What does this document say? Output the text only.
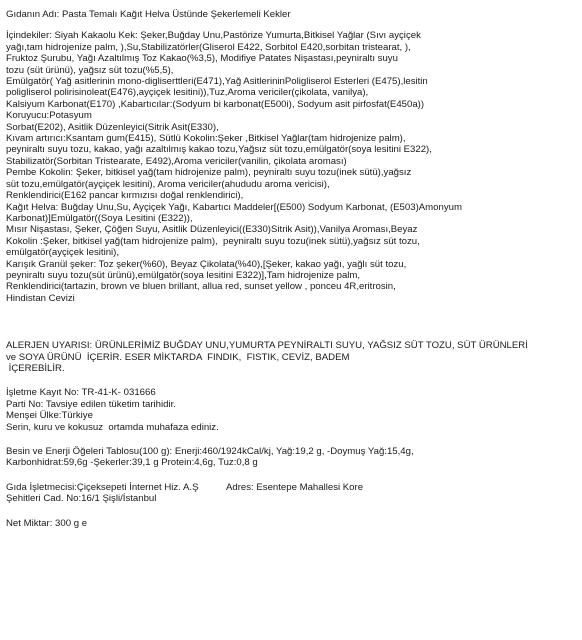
Gıdanın Adı: Pasta Temalı Kağıt Helva Üstünde Şekerlemeli Kekler
İçindekiler: Siyah Kakaolu Kek: Şeker,Buğday Unu,Pastörize Yumurta,Bitkisel Yağlar (Sıvı ayçiçek
yağı,tam hidrojenize palm, ),Su,Stabilizatörler(Gliserol E422, Sorbitol E420,sorbitan tristearat, ),
Fruktoz Şurubu, Yağı Azaltılmış Toz Kakao(%3,5), Modifiye Patates Nişastası,peyniraltı suyu
tozu (süt ürünü), yağsız süt tozu(%5,5),
Emülgatör( Yağ asitlerinin mono-digliserttleri(E471),Yağ AsitlerininPoligliserol Esterleri (E475),lesitin
poligliserol polirisinoleat(E476),ayçiçek lesitini)),Tuz,Aroma vericiler(çikolata, vanilya),
Kalsiyum Karbonat(E170) ,Kabartıcılar:(Sodyum bi karbonat(E500i), Sodyum asit pirfosfat(E450a))
Koruyucu:Potasyum
Sorbat(E202), Asitlik Düzenleyici(Sitrik Asit(E330),
Kıvam artırıcı:Ksantam gum(E415), Sütlü Kokolin:Şeker ,Bitkisel Yağlar(tam hidrojenize palm),
peyniraltı suyu tozu, kakao, yağı azaltılmış kakao tozu,Yağsız süt tozu,emülgatör(soya lesitini E322),
Stabilizatör(Sorbitan Tristearate, E492),Aroma vericiler(vanilin, çikolata aroması)
Pembe Kokolin: Şeker, bitkisel yağ(tam hidrojenize palm), peyniraltı suyu tozu(inek sütü),yağsız
süt tozu,emülgatör(ayçiçek lesitini), Aroma vericiler(ahududu aroma vericisi),
Renklendirici(E162 pancar kırmızısı doğal renklendirici),
Kağıt Helva: Buğday Unu,Su, Ayçiçek Yağı, Kabartıcı Maddeler[(E500) Sodyum Karbonat, (E503)Amonyum
Karbonat)]Emülgatör((Soya Lesitini (E322)),
Mısır Nişastası, Şeker, Çöğen Suyu, Asitlik Düzenleyici((E330)Sitrik Asit)),Vanilya Aroması,Beyaz
Kokolin :Şeker, bitkisel yağ(tam hidrojenize palm),  peyniraltı suyu tozu(inek sütü),yağsız süt tozu,
emülgatör(ayçiçek lesitini),
Karışık Granül şeker: Toz şeker(%60), Beyaz Çikolata(%40),[Şeker, kakao yağı, yağlı süt tozu,
peyniraltı suyu tozu(süt ürünü),emülgatör(soya lesitini E322)],Tam hidrojenize palm,
Renklendirici(tartazin, brown ve bluen brillant, allua red, sunset yellow , ponceu 4R,eritrosin,
Hindistan Cevizi
ALERJEN UYARISI: ÜRÜNLERİMİZ BUĞDAY UNU,YUMURTA PEYNİRALTI SUYU, YAĞSIZ SÜT TOZU, SÜT ÜRÜNLERİ
ve SOYA ÜRÜNÜ  İÇERİR. ESER MİKTARDA  FINDIK,  FISTIK, CEVİZ, BADEM
İÇEREBİLİR.
İşletme Kayıt No: TR-41-K- 031666
Parti No: Tavsiye edilen tüketim tarihidir.
Menşei Ülke:Türkiye
Serin, kuru ve kokusuz  ortamda muhafaza ediniz.
Besin ve Enerji Öğeleri Tablosu(100 g): Enerji:460/1924kCal/kj, Yağ:19,2 g, -Doymuş Yağ:15,4g,
Karbonhidrat:59,6g -Şekerler:39,1 g Protein:4,6g, Tuz:0,8 g
Gıda İşletmecisi:Çiçeksepeti İnternet Hiz. A.Ş	Adres: Esentepe Mahallesi Kore
Şehitleri Cad. No:16/1 Şişli/İstanbul
Net Miktar: 300 g e
